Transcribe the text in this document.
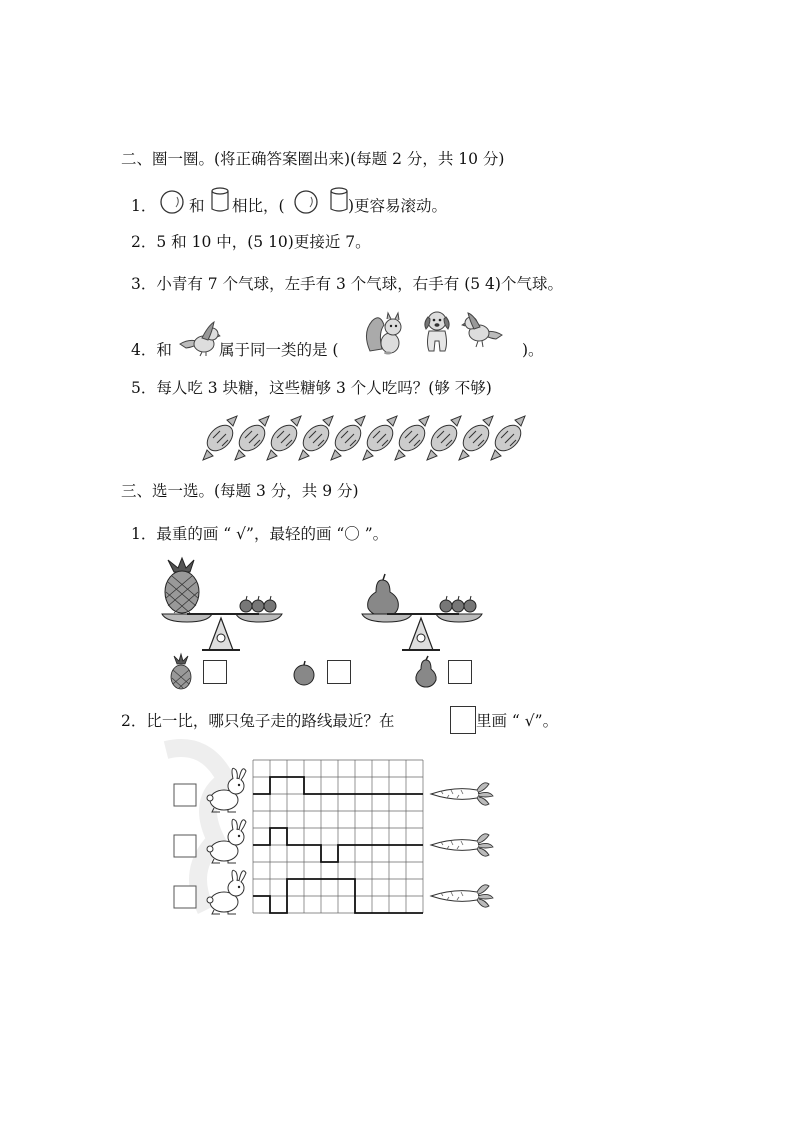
二、圈一圈。(将正确答案圈出来)(每题 2 分，共 10 分)
1． 和 相比，(	)更容易滚动。
2．5 和 10 中，(5 10)更接近 7。
3．小青有 7 个气球，左手有 3 个气球，右手有 (5 4)个气球。
4．和	属于同一类的是 (	)。
5．每人吃 3 块糖，这些糖够 3 个人吃吗？(够 不够)
三、选一选。(每题 3 分，共 9 分)
1．最重的画 “ √”，最轻的画 “〇 ”。
2．比一比，哪只兔子走的路线最近？在	里画 “ √”。
